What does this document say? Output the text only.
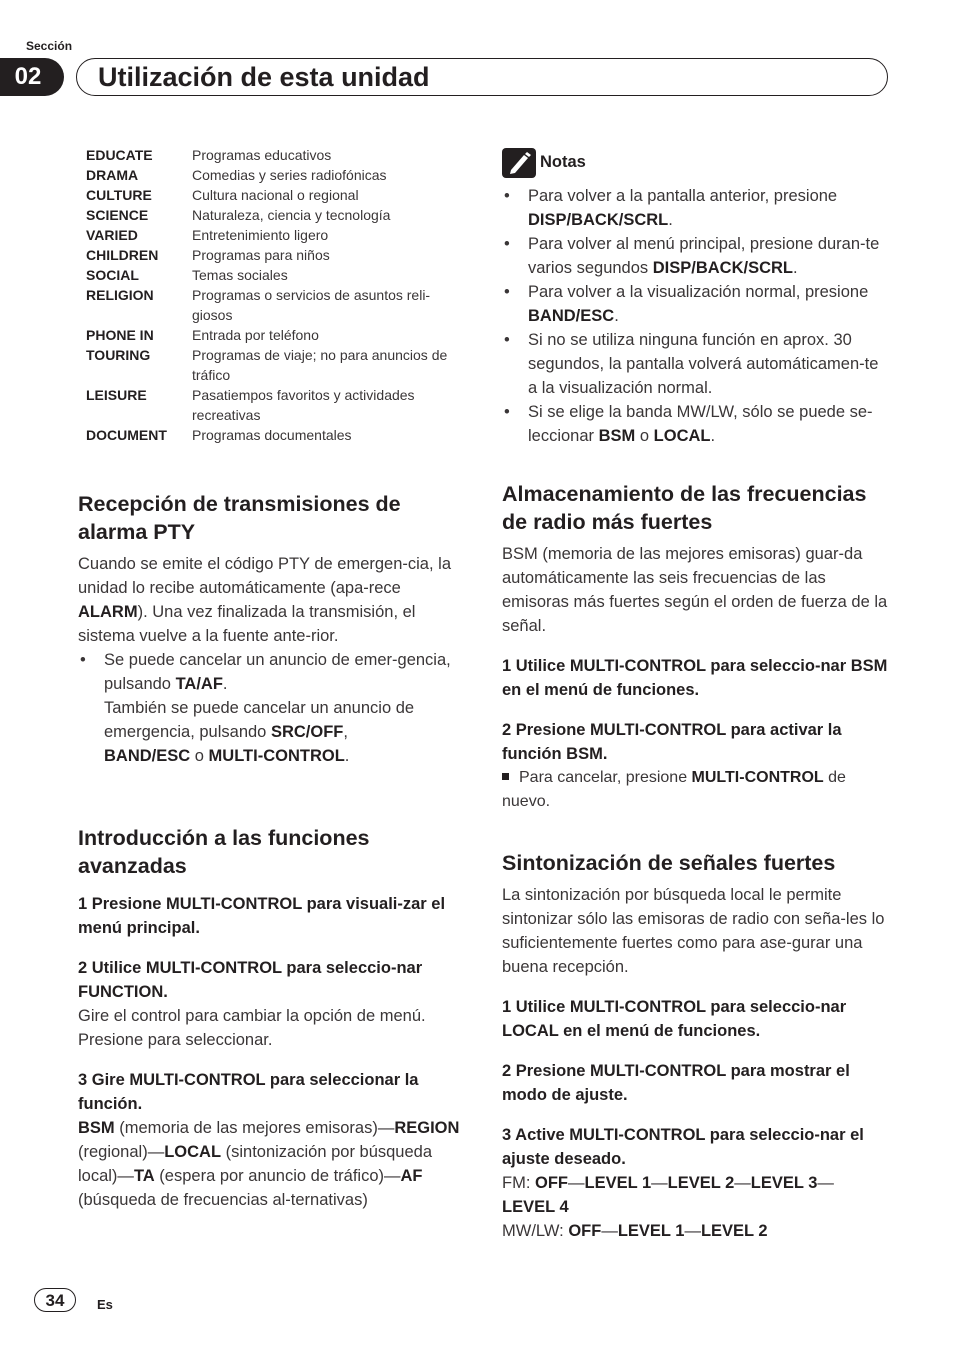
Sección
02	Utilización de esta unidad
EDUCATE	Programas educativos
DRAMA	Comedias y series radiofónicas
CULTURE	Cultura nacional o regional
SCIENCE	Naturaleza, ciencia y tecnología
VARIED	Entretenimiento ligero
CHILDREN	Programas para niños
SOCIAL	Temas sociales
RELIGION	Programas o servicios de asuntos reli-giosos
PHONE IN	Entrada por teléfono
TOURING	Programas de viaje; no para anuncios de tráfico
LEISURE	Pasatiempos favoritos y actividades recreativas
DOCUMENT	Programas documentales
Recepción de transmisiones de alarma PTY

Cuando se emite el código PTY de emergen-cia, la unidad lo recibe automáticamente (apa-rece ALARM). Una vez finalizada la transmisión, el sistema vuelve a la fuente ante-rior.

• Se puede cancelar un anuncio de emer-gencia, pulsando TA/AF.
También se puede cancelar un anuncio de emergencia, pulsando SRC/OFF,
BAND/ESC o MULTI-CONTROL.
Introducción a las funciones avanzadas
1 Presione MULTI-CONTROL para visuali-zar el menú principal.
2 Utilice MULTI-CONTROL para seleccio-nar FUNCTION.

Gire el control para cambiar la opción de menú. Presione para seleccionar.

3 Gire MULTI-CONTROL para seleccionar la función.

BSM (memoria de las mejores emisoras)—REGION (regional)—LOCAL (sintonización por búsqueda local)—TA (espera por anuncio de tráfico)—AF (búsqueda de frecuencias al-ternativas)

Notas
• Para volver a la pantalla anterior, presione DISP/BACK/SCRL.
• Para volver al menú principal, presione duran-te varios segundos DISP/BACK/SCRL.
• Para volver a la visualización normal, presione BAND/ESC.
• Si no se utiliza ninguna función en aprox. 30 segundos, la pantalla volverá automáticamen-te a la visualización normal.
• Si se elige la banda MW/LW, sólo se puede se-leccionar BSM o LOCAL.
Almacenamiento de las frecuencias de radio más fuertes

BSM (memoria de las mejores emisoras) guar-da automáticamente las seis frecuencias de las emisoras más fuertes según el orden de fuerza de la señal.

1 Utilice MULTI-CONTROL para seleccio-nar BSM en el menú de funciones.
2 Presione MULTI-CONTROL para activar la función BSM.
Para cancelar, presione MULTI-CONTROL de nuevo.
Sintonización de señales fuertes

La sintonización por búsqueda local le permite sintonizar sólo las emisoras de radio con seña-les lo suficientemente fuertes como para ase-gurar una buena recepción.

1 Utilice MULTI-CONTROL para seleccio-nar LOCAL en el menú de funciones.
2 Presione MULTI-CONTROL para mostrar el modo de ajuste.
3 Active MULTI-CONTROL para seleccio-nar el ajuste deseado.

FM: OFF—LEVEL 1—LEVEL 2—LEVEL 3—
LEVEL 4

MW/LW: OFF—LEVEL 1—LEVEL 2

34	Es
